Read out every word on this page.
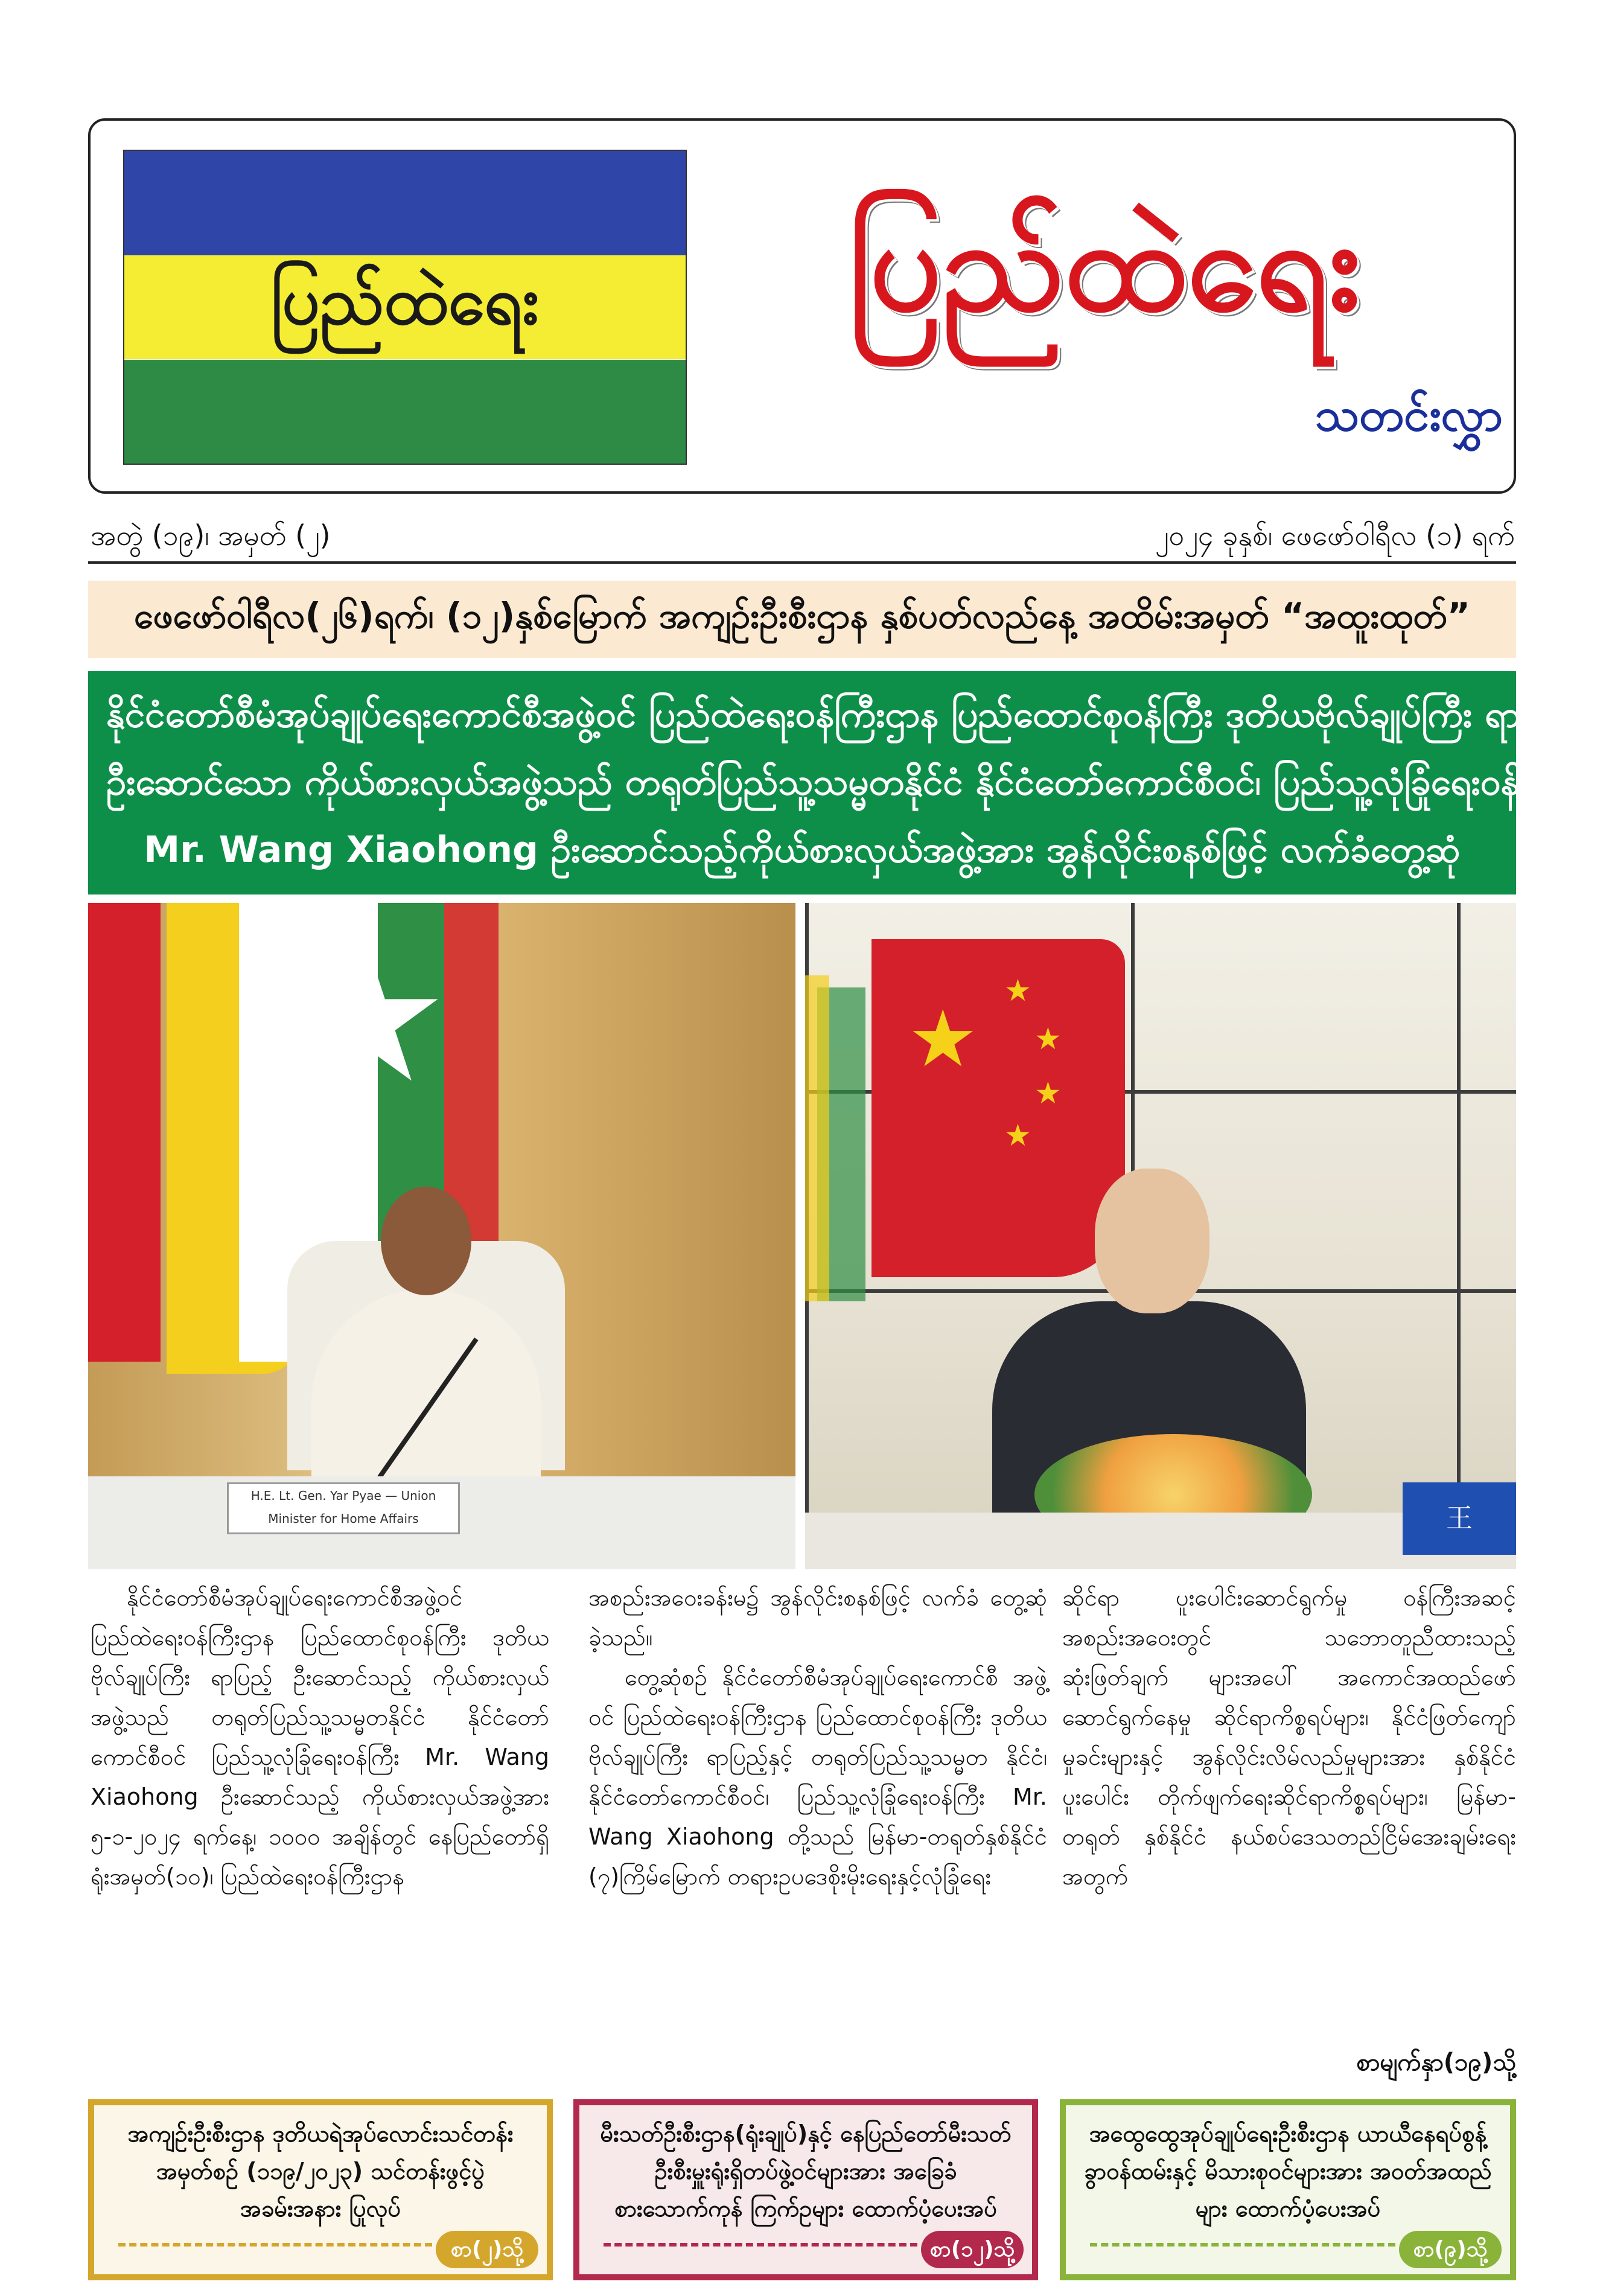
ပြည်ထဲရေး	ပြည်ထဲရေး
သတင်းလွှာ
အတွဲ (၁၉)၊ အမှတ် (၂)	၂၀၂၄ ခုနှစ်၊ ဖေဖော်ဝါရီလ (၁) ရက်
ဖေဖော်ဝါရီလ(၂၆)ရက်၊ (၁၂)နှစ်မြောက် အကျဉ်းဦးစီးဌာန နှစ်ပတ်လည်နေ့ အထိမ်းအမှတ် “အထူးထုတ်”
နိုင်ငံတော်စီမံအုပ်ချုပ်ရေးကောင်စီအဖွဲ့ဝင် ပြည်ထဲရေးဝန်ကြီးဌာန ပြည်ထောင်စုဝန်ကြီး ဒုတိယဗိုလ်ချုပ်ကြီး ရာပြည့်
ဦးဆောင်သော ကိုယ်စားလှယ်အဖွဲ့သည် တရုတ်ပြည်သူ့သမ္မတနိုင်ငံ နိုင်ငံတော်ကောင်စီဝင်၊ ပြည်သူ့လုံခြုံရေးဝန်ကြီး
Mr. Wang Xiaohong ဦးဆောင်သည့်ကိုယ်စားလှယ်အဖွဲ့အား အွန်လိုင်းစနစ်ဖြင့် လက်ခံတွေ့ဆုံ
★
H.E. Lt. Gen. Yar Pyae — Union Minister for Home Affairs
★
★
★
★
★
王
နိုင်ငံတော်စီမံအုပ်ချုပ်ရေးကောင်စီအဖွဲ့ဝင် ပြည်ထဲရေးဝန်ကြီးဌာန ပြည်ထောင်စုဝန်ကြီး ဒုတိယ ဗိုလ်ချုပ်ကြီး ရာပြည့် ဦးဆောင်သည့် ကိုယ်စားလှယ် အဖွဲ့သည် တရုတ်ပြည်သူ့သမ္မတနိုင်ငံ နိုင်ငံတော် ကောင်စီဝင် ပြည်သူ့လုံခြုံရေးဝန်ကြီး Mr. Wang Xiaohong ဦးဆောင်သည့် ကိုယ်စားလှယ်အဖွဲ့အား ၅-၁-၂၀၂၄ ရက်နေ့၊ ၁၀၀၀ အချိန်တွင် နေပြည်တော်ရှိ ရုံးအမှတ်(၁၀)၊ ပြည်ထဲရေးဝန်ကြီးဌာန
အစည်းအဝေးခန်းမ၌ အွန်လိုင်းစနစ်ဖြင့် လက်ခံ တွေ့ဆုံခဲ့သည်။
တွေ့ဆုံစဉ် နိုင်ငံတော်စီမံအုပ်ချုပ်ရေးကောင်စီ အဖွဲ့ဝင် ပြည်ထဲရေးဝန်ကြီးဌာန ပြည်ထောင်စုဝန်ကြီး ဒုတိယဗိုလ်ချုပ်ကြီး ရာပြည့်နှင့် တရုတ်ပြည်သူ့သမ္မတ နိုင်ငံ၊ နိုင်ငံတော်ကောင်စီဝင်၊ ပြည်သူ့လုံခြုံရေးဝန်ကြီး Mr. Wang Xiaohong တို့သည် မြန်မာ-တရုတ်နှစ်နိုင်ငံ (၇)ကြိမ်မြောက် တရားဥပဒေစိုးမိုးရေးနှင့်လုံခြုံရေး
ဆိုင်ရာ ပူးပေါင်းဆောင်ရွက်မှု ဝန်ကြီးအဆင့် အစည်းအဝေးတွင် သဘောတူညီထားသည့် ဆုံးဖြတ်ချက် များအပေါ် အကောင်အထည်ဖော်ဆောင်ရွက်နေမှု ဆိုင်ရာကိစ္စရပ်များ၊ နိုင်ငံဖြတ်ကျော်မှုခင်းများနှင့် အွန်လိုင်းလိမ်လည်မှုများအား နှစ်နိုင်ငံ ပူးပေါင်း တိုက်ဖျက်ရေးဆိုင်ရာကိစ္စရပ်များ၊ မြန်မာ-တရုတ် နှစ်နိုင်ငံ နယ်စပ်ဒေသတည်ငြိမ်အေးချမ်းရေးအတွက်
စာမျက်နှာ(၁၉)သို့
အကျဉ်းဦးစီးဌာန ဒုတိယရဲအုပ်လောင်းသင်တန်းအမှတ်စဉ် (၁၁၉/၂၀၂၃) သင်တန်းဖွင့်ပွဲအခမ်းအနား ပြုလုပ်
စာ(၂)သို့
မီးသတ်ဦးစီးဌာန(ရုံးချုပ်)နှင့် နေပြည်တော်မီးသတ်ဦးစီးမှူးရုံးရှိတပ်ဖွဲ့ဝင်များအား အခြေခံစားသောက်ကုန် ကြက်ဥများ ထောက်ပံ့ပေးအပ်
စာ(၁၂)သို့
အထွေထွေအုပ်ချုပ်ရေးဦးစီးဌာန ယာယီနေရပ်စွန့် ခွာဝန်ထမ်းနှင့် မိသားစုဝင်များအား အဝတ်အထည်များ ထောက်ပံ့ပေးအပ်
စာ(၉)သို့
